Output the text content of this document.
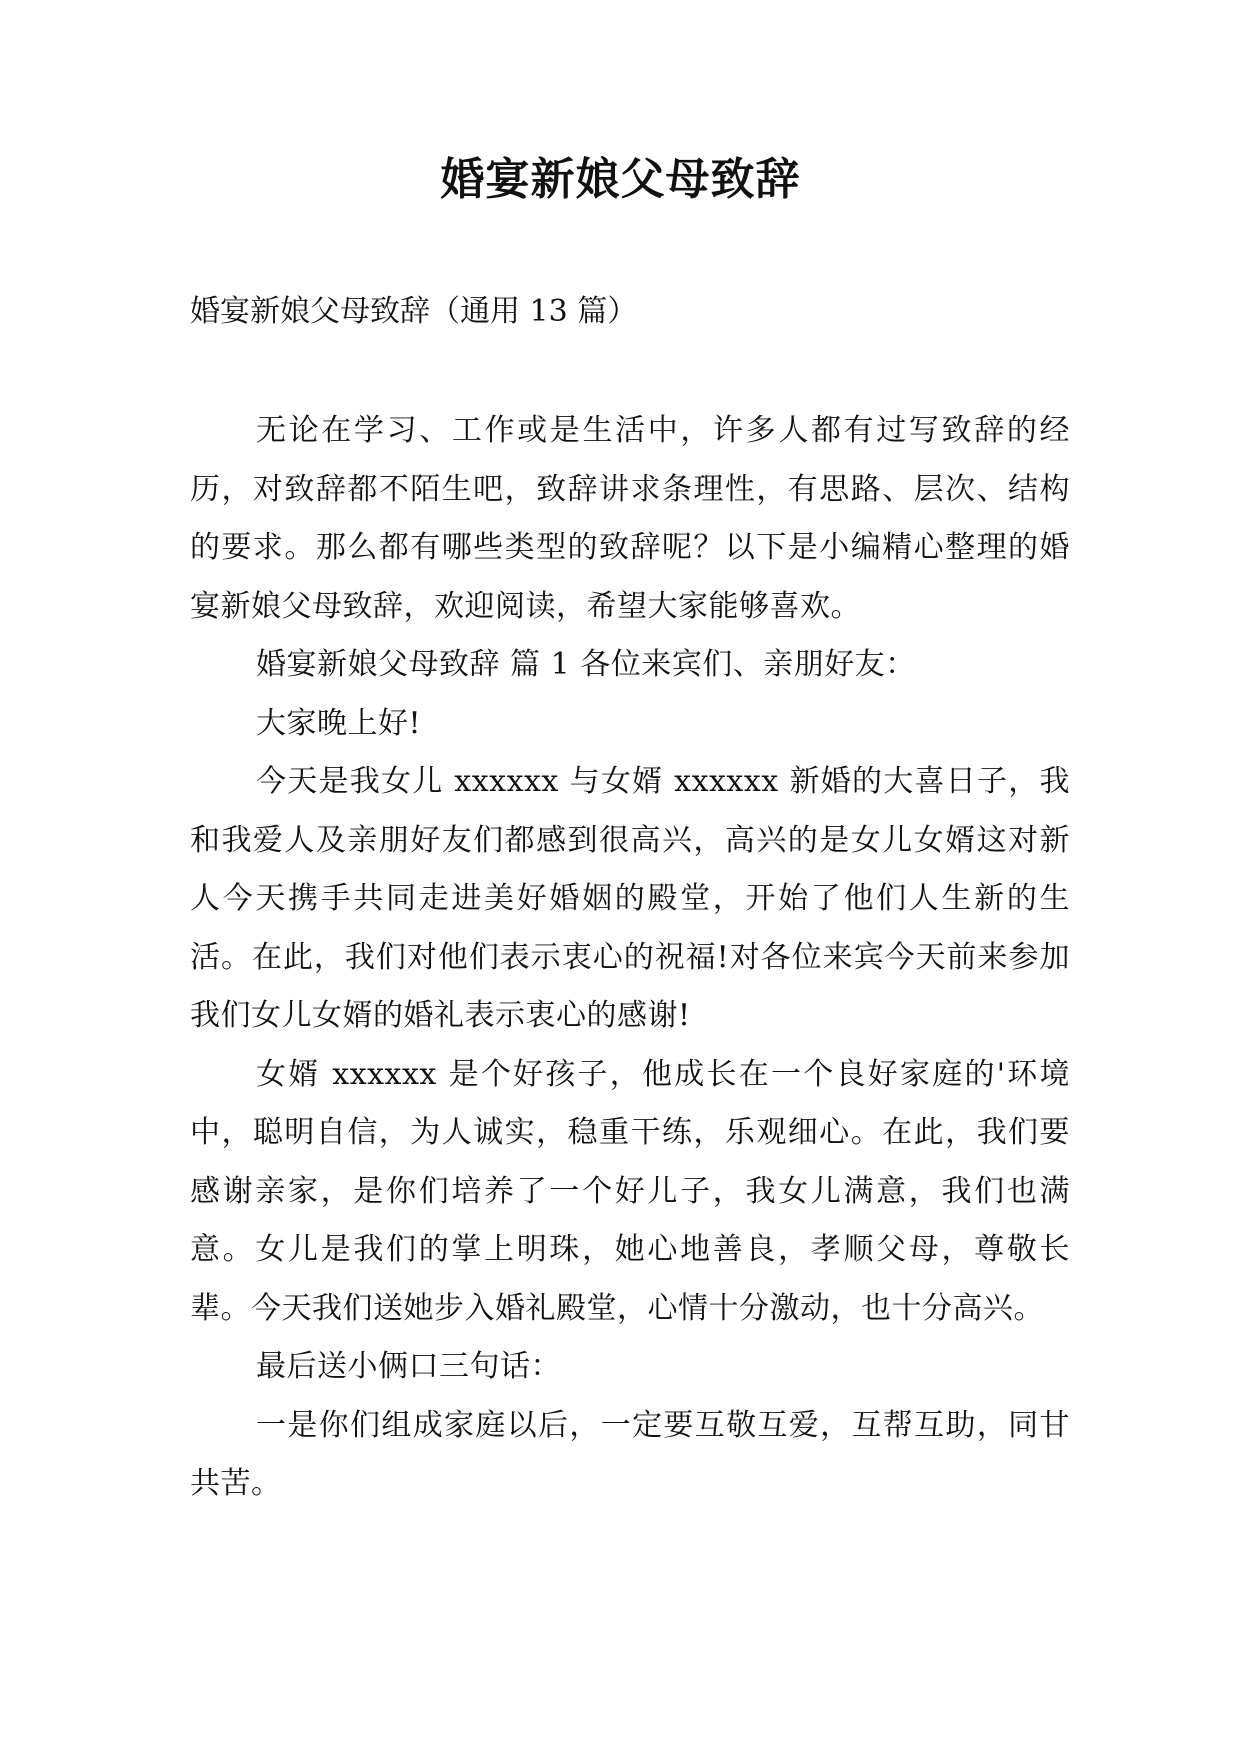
婚宴新娘父母致辞

婚宴新娘父母致辞（通用 13 篇）

无论在学习、工作或是生活中，许多人都有过写致辞的经历，对致辞都不陌生吧，致辞讲求条理性，有思路、层次、结构的要求。那么都有哪些类型的致辞呢？以下是小编精心整理的婚宴新娘父母致辞，欢迎阅读，希望大家能够喜欢。

婚宴新娘父母致辞 篇 1 各位来宾们、亲朋好友：

大家晚上好!

今天是我女儿 xxxxxx 与女婿 xxxxxx 新婚的大喜日子，我和我爱人及亲朋好友们都感到很高兴，高兴的是女儿女婿这对新人今天携手共同走进美好婚姻的殿堂，开始了他们人生新的生活。在此，我们对他们表示衷心的祝福!对各位来宾今天前来参加我们女儿女婿的婚礼表示衷心的感谢!

女婿 xxxxxx 是个好孩子，他成长在一个良好家庭的'环境中，聪明自信，为人诚实，稳重干练，乐观细心。在此，我们要感谢亲家，是你们培养了一个好儿子，我女儿满意，我们也满意。女儿是我们的掌上明珠，她心地善良，孝顺父母，尊敬长辈。今天我们送她步入婚礼殿堂，心情十分激动，也十分高兴。

最后送小俩口三句话：

一是你们组成家庭以后，一定要互敬互爱，互帮互助，同甘共苦。
